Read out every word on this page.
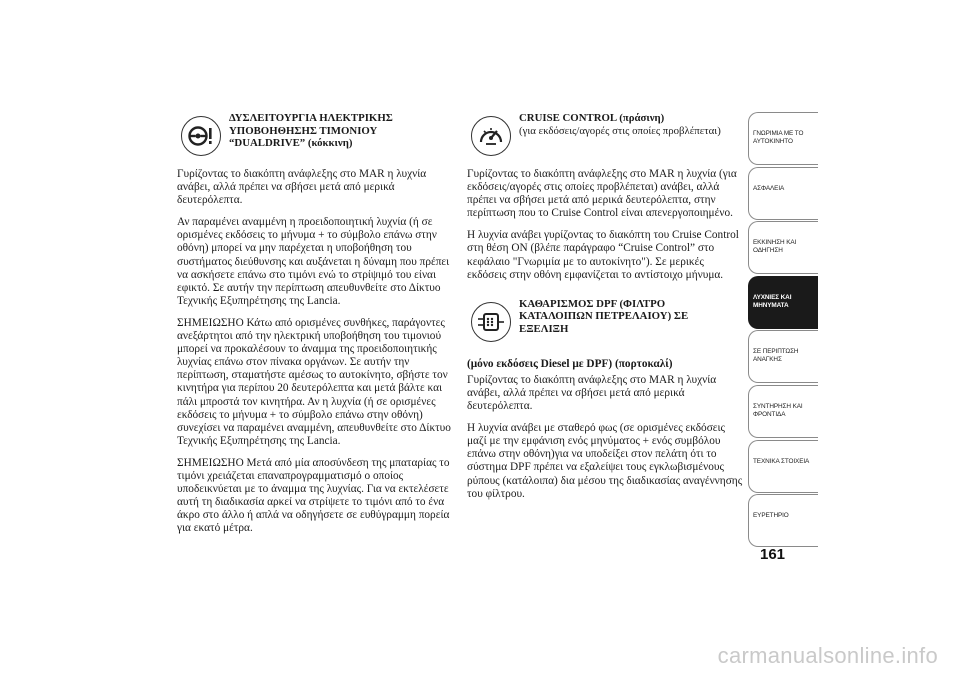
ΔΥΣΛΕΙΤΟΥΡΓΙΑ ΗΛΕΚΤΡΙΚΗΣ
ΥΠΟΒΟΗΘΗΣΗΣ ΤΙΜΟΝΙΟΥ
“DUALDRIVE” (κόκκινη)

Γυρίζοντας το διακόπτη ανάφλεξης στο MAR η λυχνία ανάβει, αλλά πρέπει να σβήσει μετά από μερικά δευτερόλεπτα.

Αν παραμένει αναμμένη η προειδοποιητική λυχνία (ή σε ορισμένες εκδόσεις το μήνυμα + το σύμβολο επάνω στην οθόνη) μπορεί να μην παρέχεται η υποβοήθηση του συστήματος διεύθυνσης και αυξάνεται η δύναμη που πρέπει να ασκήσετε επάνω στο τιμόνι ενώ το στρίψιμό του είναι εφικτό. Σε αυτήν την περίπτωση απευθυνθείτε στο Δίκτυο Τεχνικής Εξυπηρέτησης της Lancia.

ΣΗΜΕΙΩΣΗΟ Κάτω από ορισμένες συνθήκες, παράγοντες ανεξάρτητοι από την ηλεκτρική υποβοήθηση του τιμονιού μπορεί να προκαλέσουν το άναμμα της προειδοποιητικής λυχνίας επάνω στον πίνακα οργάνων. Σε αυτήν την περίπτωση, σταματήστε αμέσως το αυτοκίνητο, σβήστε τον κινητήρα για περίπου 20 δευτερόλεπτα και μετά βάλτε και πάλι μπροστά τον κινητήρα. Αν η λυχνία (ή σε ορισμένες εκδόσεις το μήνυμα + το σύμβολο επάνω στην οθόνη) συνεχίσει να παραμένει αναμμένη, απευθυνθείτε στο Δίκτυο Τεχνικής Εξυπηρέτησης της Lancia.

ΣΗΜΕΙΩΣΗΟ Μετά από μία αποσύνδεση της μπαταρίας το τιμόνι χρειάζεται επαναπρογραμματισμό ο οποίος υποδεικνύεται με το άναμμα της λυχνίας. Για να εκτελέσετε αυτή τη διαδικασία αρκεί να στρίψετε το τιμόνι από το ένα άκρο στο άλλο ή απλά να οδηγήσετε σε ευθύγραμμη πορεία για εκατό μέτρα.

CRUISE CONTROL (πράσινη)
(για εκδόσεις/αγορές στις οποίες προβλέπεται)

Γυρίζοντας το διακόπτη ανάφλεξης στο MAR η λυχνία (για εκδόσεις/αγορές στις οποίες προβλέπεται) ανάβει, αλλά πρέπει να σβήσει μετά από μερικά δευτερόλεπτα, στην περίπτωση που το Cruise Control είναι απενεργοποιημένο.

Η λυχνία ανάβει γυρίζοντας το διακόπτη του Cruise Control στη θέση ON (βλέπε παράγραφο “Cruise Control” στο κεφάλαιο "Γνωριμία με το αυτοκίνητο"). Σε μερικές εκδόσεις στην οθόνη εμφανίζεται το αντίστοιχο μήνυμα.

ΚΑΘΑΡΙΣΜΟΣ DPF (ΦΙΛΤΡΟ
ΚΑΤΑΛΟΙΠΩΝ ΠΕΤΡΕΛΑΙΟΥ) ΣΕ
ΕΞΕΛΙΞΗ

(μόνο εκδόσεις Diesel με DPF) (πορτοκαλί)

Γυρίζοντας το διακόπτη ανάφλεξης στο MAR η λυχνία ανάβει, αλλά πρέπει να σβήσει μετά από μερικά δευτερόλεπτα.

Η λυχνία ανάβει με σταθερό φως (σε ορισμένες εκδόσεις μαζί με την εμφάνιση ενός μηνύματος + ενός συμβόλου επάνω στην οθόνη)για να υποδείξει στον πελάτη ότι το σύστημα DPF πρέπει να εξαλείψει τους εγκλωβισμένους ρύπους (κατάλοιπα) δια μέσου της διαδικασίας αναγέννησης του φίλτρου.

ΓΝΩΡΙΜΙΑ ΜΕ ΤΟ
ΑΥΤΟΚΙΝΗΤΟ
ΑΣΦΑΛΕΙΑ
ΕΚΚΙΝΗΣΗ ΚΑΙ
ΟΔΗΓΗΣΗ
ΛΥΧΝΙΕΣ ΚΑΙ
ΜΗΝΥΜΑΤΑ
ΣΕ ΠΕΡΙΠΤΩΣΗ
ΑΝΑΓΚΗΣ
ΣΥΝΤΗΡΗΣΗ ΚΑΙ
ΦΡΟΝΤΙΔΑ
ΤΕΧΝΙΚΑ ΣΤΟΙΧΕΙΑ
ΕΥΡΕΤΗΡΙΟ
161
carmanualsonline.info
